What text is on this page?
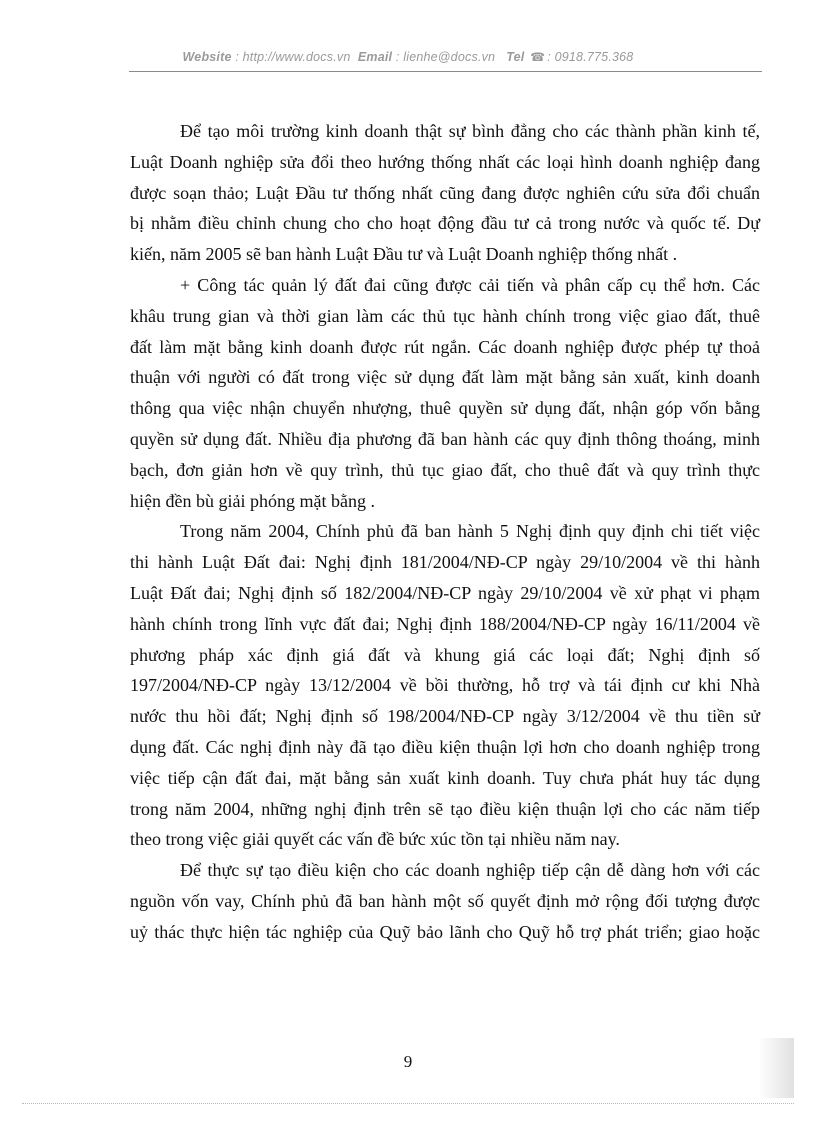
Website : http://www.docs.vn Email : lienhe@docs.vn Tel ☎ : 0918.775.368
Để tạo môi trường kinh doanh thật sự bình đẳng cho các thành phần kinh tế,
Luật Doanh nghiệp sửa đổi theo hướng thống nhất các loại hình doanh nghiệp đang
được soạn thảo; Luật Đầu tư thống nhất cũng đang được nghiên cứu sửa đổi chuẩn
bị nhằm điều chỉnh chung cho cho hoạt động đầu tư cả trong nước và quốc tế. Dự
kiến, năm 2005 sẽ ban hành Luật Đầu tư và Luật Doanh nghiệp thống nhất .
+ Công tác quản lý đất đai cũng được cải tiến và phân cấp cụ thể hơn. Các
khâu trung gian và thời gian làm các thủ tục hành chính trong việc giao đất, thuê
đất làm mặt bằng kinh doanh được rút ngắn. Các doanh nghiệp được phép tự thoả
thuận với người có đất trong việc sử dụng đất làm mặt bằng sản xuất, kinh doanh
thông qua việc nhận chuyển nhượng, thuê quyền sử dụng đất, nhận góp vốn bằng
quyền sử dụng đất. Nhiều địa phương đã ban hành các quy định thông thoáng, minh
bạch, đơn giản hơn về quy trình, thủ tục giao đất, cho thuê đất và quy trình thực
hiện đền bù giải phóng mặt bằng .
Trong năm 2004, Chính phủ đã ban hành 5 Nghị định quy định chi tiết việc
thi hành Luật Đất đai: Nghị định 181/2004/NĐ-CP ngày 29/10/2004 về thi hành
Luật Đất đai; Nghị định số 182/2004/NĐ-CP ngày 29/10/2004 về xử phạt vi phạm
hành chính trong lĩnh vực đất đai; Nghị định 188/2004/NĐ-CP ngày 16/11/2004 về
phương pháp xác định giá đất và khung giá các loại đất; Nghị định số
197/2004/NĐ-CP ngày 13/12/2004 về bồi thường, hỗ trợ và tái định cư khi Nhà
nước thu hồi đất; Nghị định số 198/2004/NĐ-CP ngày 3/12/2004 về thu tiền sử
dụng đất. Các nghị định này đã tạo điều kiện thuận lợi hơn cho doanh nghiệp trong
việc tiếp cận đất đai, mặt bằng sản xuất kinh doanh. Tuy chưa phát huy tác dụng
trong năm 2004, những nghị định trên sẽ tạo điều kiện thuận lợi cho các năm tiếp
theo trong việc giải quyết các vấn đề bức xúc tồn tại nhiều năm nay.
Để thực sự tạo điều kiện cho các doanh nghiệp tiếp cận dễ dàng hơn với các
nguồn vốn vay, Chính phủ đã ban hành một số quyết định mở rộng đối tượng được
uỷ thác thực hiện tác nghiệp của Quỹ bảo lãnh cho Quỹ hỗ trợ phát triển; giao hoặc
9
